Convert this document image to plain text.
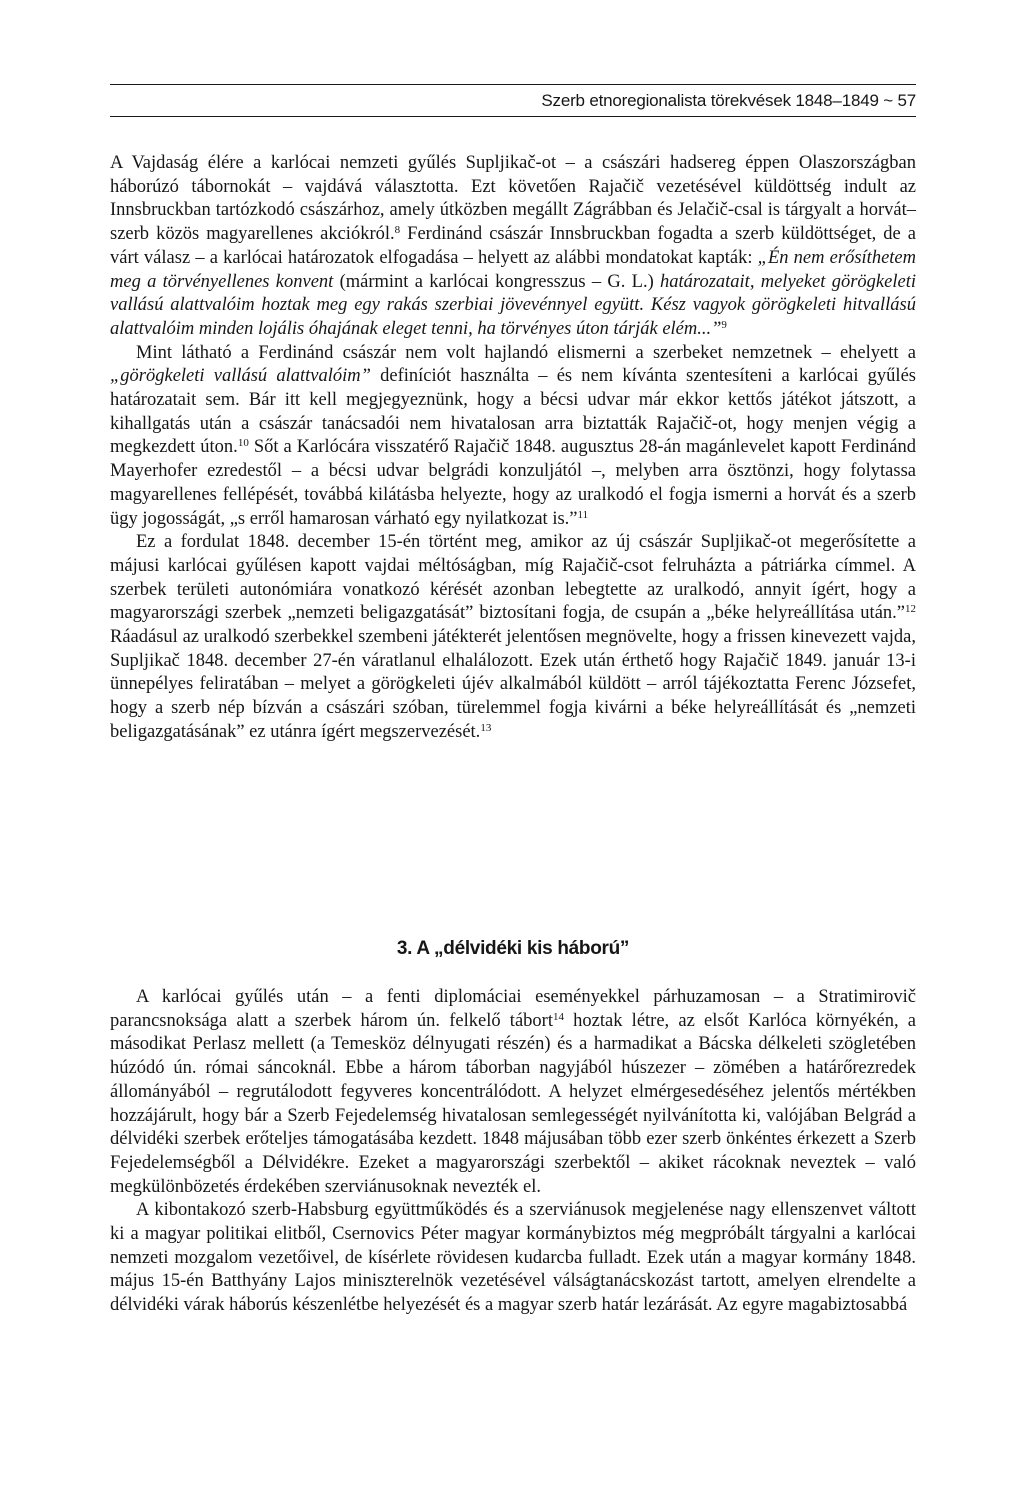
Szerb etnoregionalista törekvések 1848–1849 ~ 57

A Vajdaság élére a karlócai nemzeti gyűlés Supljikač-ot – a császári hadsereg éppen Olaszországban háborúzó tábornokát – vajdává választotta. Ezt követően Rajačič vezetésével küldöttség indult az Innsbruckban tartózkodó császárhoz, amely útközben megállt Zágrábban és Jelačič-csal is tárgyalt a horvát–szerb közös magyarellenes akciókról.$^8$ Ferdinánd császár Innsbruckban fogadta a szerb küldöttséget, de a várt válasz – a karlócai határozatok elfogadása – helyett az alábbi mondatokat kapták: „Én nem erősíthetem meg a törvényellenes konvent (mármint a karlócai kongresszus – G. L.) határozatait, melyeket görögkeleti vallású alattvalóim hoztak meg egy rakás szerbiai jövevénnyel együtt. Kész vagyok görögkeleti hitvallású alattvalóim minden lojális óhajának eleget tenni, ha törvényes úton tárják elém...”$^9$

Mint látható a Ferdinánd császár nem volt hajlandó elismerni a szerbeket nemzetnek – ehelyett a „görögkeleti vallású alattvalóim” definíciót használta – és nem kívánta szentesíteni a karlócai gyűlés határozatait sem. Bár itt kell megjegyeznünk, hogy a bécsi udvar már ekkor kettős játékot játszott, a kihallgatás után a császár tanácsadói nem hivatalosan arra biztatták Rajačič-ot, hogy menjen végig a megkezdett úton.$^{10}$ Sőt a Karlócára visszatérő Rajačič 1848. augusztus 28-án magánlevelet kapott Ferdinánd Mayerhofer ezredestől – a bécsi udvar belgrádi konzuljától –, melyben arra ösztönzi, hogy folytassa magyarellenes fellépését, továbbá kilátásba helyezte, hogy az uralkodó el fogja ismerni a horvát és a szerb ügy jogosságát, „s erről hamarosan várható egy nyilatkozat is.”$^{11}$

Ez a fordulat 1848. december 15-én történt meg, amikor az új császár Supljikač-ot megerősítette a májusi karlócai gyűlésen kapott vajdai méltóságban, míg Rajačič-csot felruházta a pátriárka címmel. A szerbek területi autonómiára vonatkozó kérését azonban lebegtette az uralkodó, annyit ígért, hogy a magyarországi szerbek „nemzeti beligazgatását” biztosítani fogja, de csupán a „béke helyreállítása után.”$^{12}$ Ráadásul az uralkodó szerbekkel szembeni játékterét jelentősen megnövelte, hogy a frissen kinevezett vajda, Supljikač 1848. december 27-én váratlanul elhalálozott. Ezek után érthető hogy Rajačič 1849. január 13-i ünnepélyes feliratában – melyet a görögkeleti újév alkalmából küldött – arról tájékoztatta Ferenc Józsefet, hogy a szerb nép bízván a császári szóban, türelemmel fogja kivárni a béke helyreállítását és „nemzeti beligazgatásának” ez utánra ígért megszervezését.$^{13}$

3. A „délvidéki kis háború”

A karlócai gyűlés után – a fenti diplomáciai eseményekkel párhuzamosan – a Stratimirovič parancsnoksága alatt a szerbek három ún. felkelő tábort$^{14}$ hoztak létre, az elsőt Karlóca környékén, a másodikat Perlasz mellett (a Temesköz délnyugati részén) és a harmadikat a Bácska délkeleti szögletében húzódó ún. római sáncoknál. Ebbe a három táborban nagyjából húszezer – zömében a határőrezredek állományából – regrutálodott fegyveres koncentrálódott. A helyzet elmérgesedéséhez jelentős mértékben hozzájárult, hogy bár a Szerb Fejedelemség hivatalosan semlegességét nyilvánította ki, valójában Belgrád a délvidéki szerbek erőteljes támogatásába kezdett. 1848 májusában több ezer szerb önkéntes érkezett a Szerb Fejedelemségből a Délvidékre. Ezeket a magyarországi szerbektől – akiket rácoknak neveztek – való megkülönbözetés érdekében szerviánusoknak nevezték el.

A kibontakozó szerb-Habsburg együttműködés és a szerviánusok megjelenése nagy ellenszenvet váltott ki a magyar politikai elitből, Csernovics Péter magyar kormánybiztos még megpróbált tárgyalni a karlócai nemzeti mozgalom vezetőivel, de kísérlete rövidesen kudarcba fulladt. Ezek után a magyar kormány 1848. május 15-én Batthyány Lajos miniszterelnök vezetésével válságtanácskozást tartott, amelyen elrendelte a délvidéki várak háborús készenlétbe helyezését és a magyar szerb határ lezárását. Az egyre magabiztosabbá
